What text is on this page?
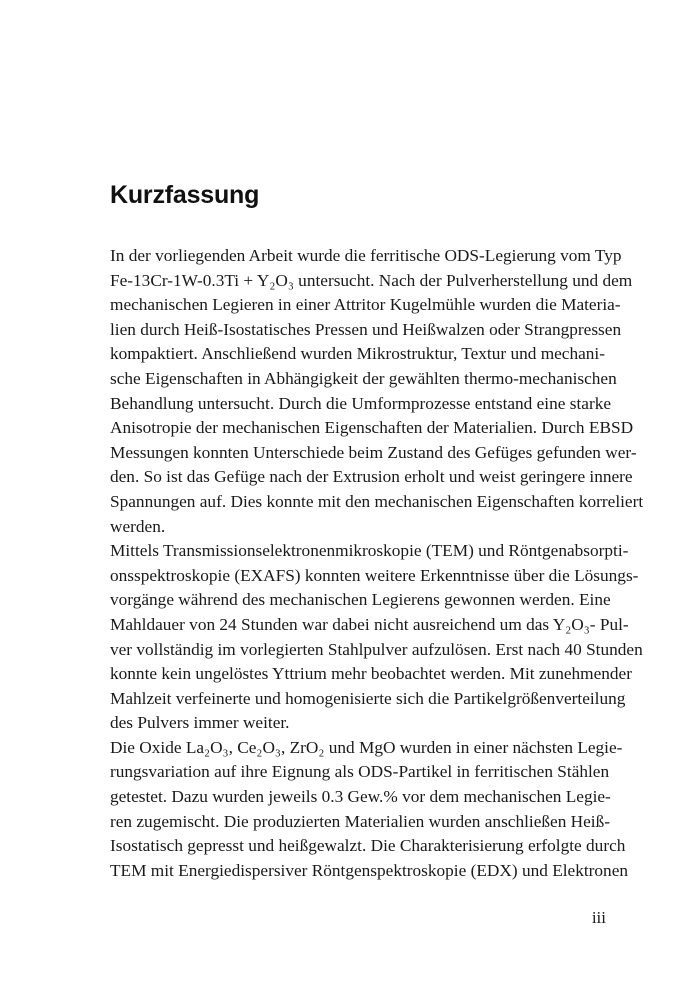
Kurzfassung
In der vorliegenden Arbeit wurde die ferritische ODS-Legierung vom Typ
Fe-13Cr-1W-0.3Ti + Y₂O₃ untersucht. Nach der Pulverherstellung und dem
mechanischen Legieren in einer Attritor Kugelmühle wurden die Materia-
lien durch Heiß-Isostatisches Pressen und Heißwalzen oder Strangpressen
kompaktiert. Anschließend wurden Mikrostruktur, Textur und mechani-
sche Eigenschaften in Abhängigkeit der gewählten thermo-mechanischen
Behandlung untersucht. Durch die Umformprozesse entstand eine starke
Anisotropie der mechanischen Eigenschaften der Materialien. Durch EBSD
Messungen konnten Unterschiede beim Zustand des Gefüges gefunden wer-
den. So ist das Gefüge nach der Extrusion erholt und weist geringere innere
Spannungen auf. Dies konnte mit den mechanischen Eigenschaften korreliert
werden.
Mittels Transmissionselektronenmikroskopie (TEM) und Röntgenabsorpti-
onsspektroskopie (EXAFS) konnten weitere Erkenntnisse über die Lösungs-
vorgänge während des mechanischen Legierens gewonnen werden. Eine
Mahldauer von 24 Stunden war dabei nicht ausreichend um das Y₂O₃- Pul-
ver vollständig im vorlegierten Stahlpulver aufzulösen. Erst nach 40 Stunden
konnte kein ungelöstes Yttrium mehr beobachtet werden. Mit zunehmender
Mahlzeit verfeinerte und homogenisierte sich die Partikelgrößenverteilung
des Pulvers immer weiter.
Die Oxide La₂O₃, Ce₂O₃, ZrO₂ und MgO wurden in einer nächsten Legie-
rungsvariation auf ihre Eignung als ODS-Partikel in ferritischen Stählen
getestet. Dazu wurden jeweils 0.3 Gew.% vor dem mechanischen Legie-
ren zugemischt. Die produzierten Materialien wurden anschließen Heiß-
Isostatisch gepresst und heißgewalzt. Die Charakterisierung erfolgte durch
TEM mit Energiedispersiver Röntgenspektroskopie (EDX) und Elektronen
iii
